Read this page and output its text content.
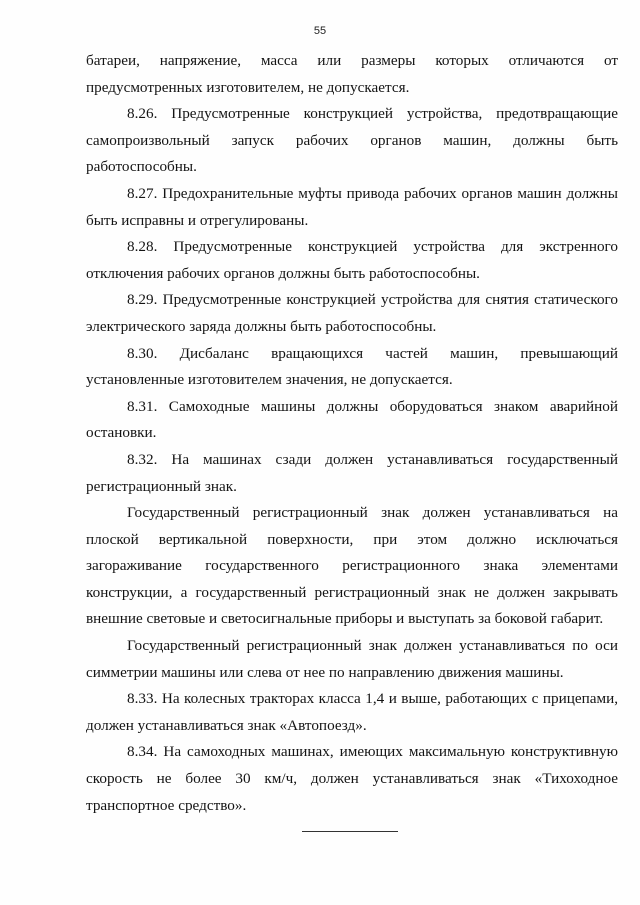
55

батареи, напряжение, масса или размеры которых отличаются от предусмотренных изготовителем, не допускается.

8.26. Предусмотренные конструкцией устройства, предотвращающие самопроизвольный запуск рабочих органов машин, должны быть работоспособны.

8.27. Предохранительные муфты привода рабочих органов машин должны быть исправны и отрегулированы.

8.28. Предусмотренные конструкцией устройства для экстренного отключения рабочих органов должны быть работоспособны.

8.29. Предусмотренные конструкцией устройства для снятия статического электрического заряда должны быть работоспособны.

8.30. Дисбаланс вращающихся частей машин, превышающий установленные изготовителем значения, не допускается.

8.31. Самоходные машины должны оборудоваться знаком аварийной остановки.

8.32. На машинах сзади должен устанавливаться государственный регистрационный знак.

Государственный регистрационный знак должен устанавливаться на плоской вертикальной поверхности, при этом должно исключаться загораживание государственного регистрационного знака элементами конструкции, а государственный регистрационный знак не должен закрывать внешние световые и светосигнальные приборы и выступать за боковой габарит.

Государственный регистрационный знак должен устанавливаться по оси симметрии машины или слева от нее по направлению движения машины.

8.33. На колесных тракторах класса 1,4 и выше, работающих с прицепами, должен устанавливаться знак «Автопоезд».

8.34. На самоходных машинах, имеющих максимальную конструктивную скорость не более 30 км/ч, должен устанавливаться знак «Тихоходное транспортное средство».
